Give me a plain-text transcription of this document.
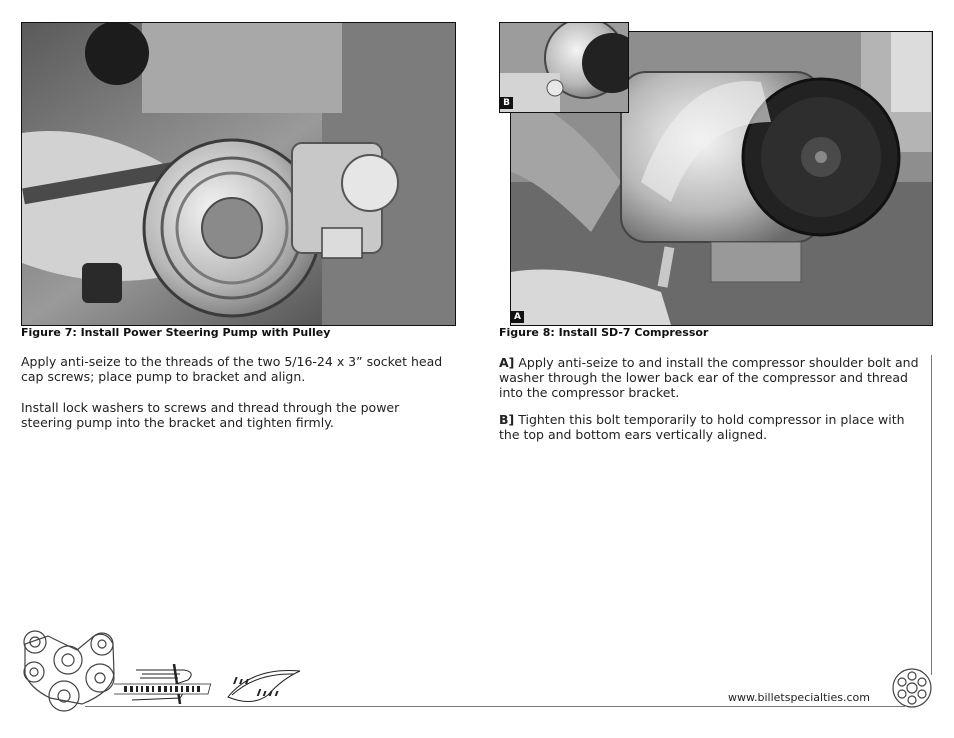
Figure 7: Install Power Steering Pump with Pulley
Apply anti-seize to the threads of the two 5/16-24 x 3” socket head cap screws; place pump to bracket and align.
Install lock washers to screws and thread through the power steering pump into the bracket and tighten firmly.
B
A
Figure 8: Install SD-7 Compressor
A] Apply anti-seize to and install the compressor shoulder bolt and washer through the lower back ear of the compressor and thread into the compressor bracket.
B] Tighten this bolt temporarily to hold compressor in place with the top and bottom ears vertically aligned.
www.billetspecialties.com
